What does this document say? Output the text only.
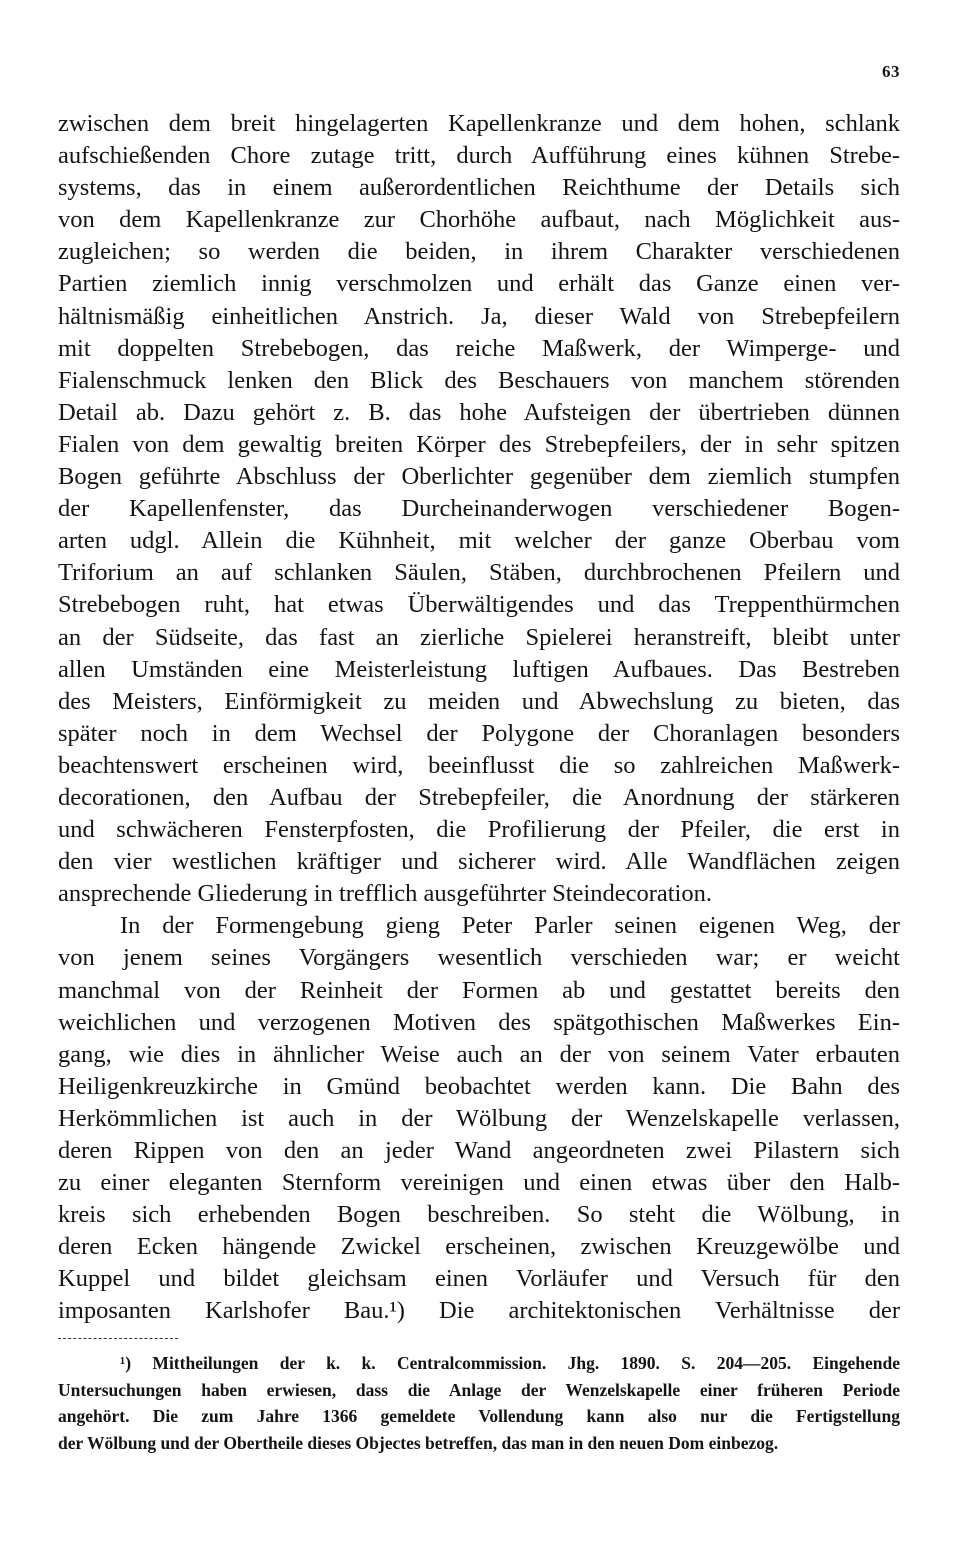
63
zwischen dem breit hingelagerten Kapellenkranze und dem hohen, schlank
aufschießenden Chore zutage tritt, durch Aufführung eines kühnen Strebe-
systems, das in einem außerordentlichen Reichthume der Details sich
von dem Kapellenkranze zur Chorhöhe aufbaut, nach Möglichkeit aus-
zugleichen; so werden die beiden, in ihrem Charakter verschiedenen
Partien ziemlich innig verschmolzen und erhält das Ganze einen ver-
hältnismäßig einheitlichen Anstrich. Ja, dieser Wald von Strebepfeilern
mit doppelten Strebebogen, das reiche Maßwerk, der Wimperge- und
Fialenschmuck lenken den Blick des Beschauers von manchem störenden
Detail ab. Dazu gehört z. B. das hohe Aufsteigen der übertrieben dünnen
Fialen von dem gewaltig breiten Körper des Strebepfeilers, der in sehr spitzen
Bogen geführte Abschluss der Oberlichter gegenüber dem ziemlich stumpfen
der Kapellenfenster, das Durcheinanderwogen verschiedener Bogen-
arten udgl. Allein die Kühnheit, mit welcher der ganze Oberbau vom
Triforium an auf schlanken Säulen, Stäben, durchbrochenen Pfeilern und
Strebebogen ruht, hat etwas Überwältigendes und das Treppenthürmchen
an der Südseite, das fast an zierliche Spielerei heranstreift, bleibt unter
allen Umständen eine Meisterleistung luftigen Aufbaues. Das Bestreben
des Meisters, Einförmigkeit zu meiden und Abwechslung zu bieten, das
später noch in dem Wechsel der Polygone der Choranlagen besonders
beachtenswert erscheinen wird, beeinflusst die so zahlreichen Maßwerk-
decorationen, den Aufbau der Strebepfeiler, die Anordnung der stärkeren
und schwächeren Fensterpfosten, die Profilierung der Pfeiler, die erst in
den vier westlichen kräftiger und sicherer wird. Alle Wandflächen zeigen
ansprechende Gliederung in trefflich ausgeführter Steindecoration.
In der Formengebung gieng Peter Parler seinen eigenen Weg, der
von jenem seines Vorgängers wesentlich verschieden war; er weicht
manchmal von der Reinheit der Formen ab und gestattet bereits den
weichlichen und verzogenen Motiven des spätgothischen Maßwerkes Ein-
gang, wie dies in ähnlicher Weise auch an der von seinem Vater erbauten
Heiligenkreuzkirche in Gmünd beobachtet werden kann. Die Bahn des
Herkömmlichen ist auch in der Wölbung der Wenzelskapelle verlassen,
deren Rippen von den an jeder Wand angeordneten zwei Pilastern sich
zu einer eleganten Sternform vereinigen und einen etwas über den Halb-
kreis sich erhebenden Bogen beschreiben. So steht die Wölbung, in
deren Ecken hängende Zwickel erscheinen, zwischen Kreuzgewölbe und
Kuppel und bildet gleichsam einen Vorläufer und Versuch für den
imposanten Karlshofer Bau.¹) Die architektonischen Verhältnisse der
¹) Mittheilungen der k. k. Centralcommission. Jhg. 1890. S. 204—205. Eingehende
Untersuchungen haben erwiesen, dass die Anlage der Wenzelskapelle einer früheren Periode
angehört. Die zum Jahre 1366 gemeldete Vollendung kann also nur die Fertigstellung
der Wölbung und der Obertheile dieses Objectes betreffen, das man in den neuen Dom einbezog.
